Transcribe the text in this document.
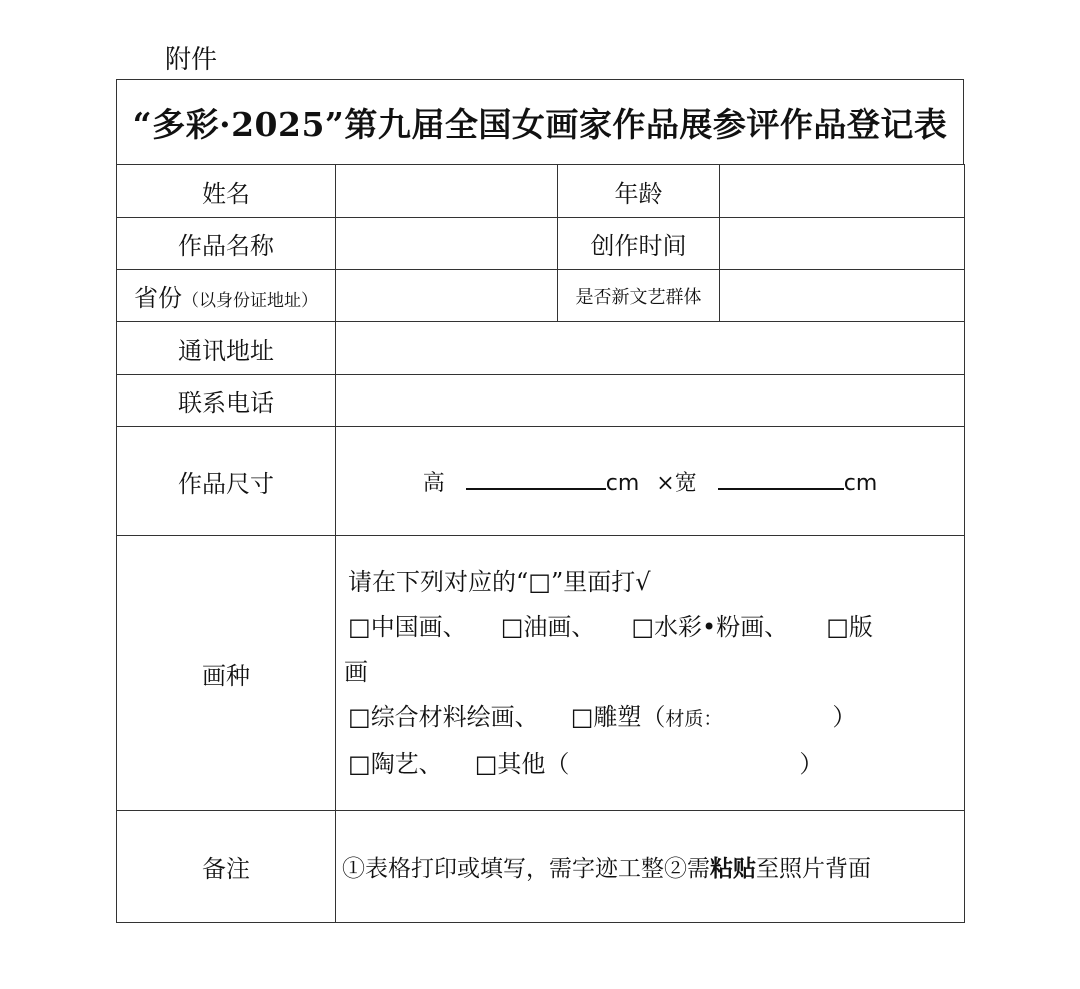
附件
“多彩·2025”第九届全国女画家作品展参评作品登记表
姓名		年龄	
作品名称		创作时间	
省份（以身份证地址）		是否新文艺群体	
通讯地址			
联系电话			
作品尺寸	高 cm ×宽 cm		
画种	请在下列对应的“□”里面打√
□中国画、 □油画、 □水彩•粉画、 □版
画
□综合材料绘画、 □雕塑（材质： ）
□陶艺、 □其他（ ）		

备注	①表格打印或填写，需字迹工整②需粘贴至照片背面		
